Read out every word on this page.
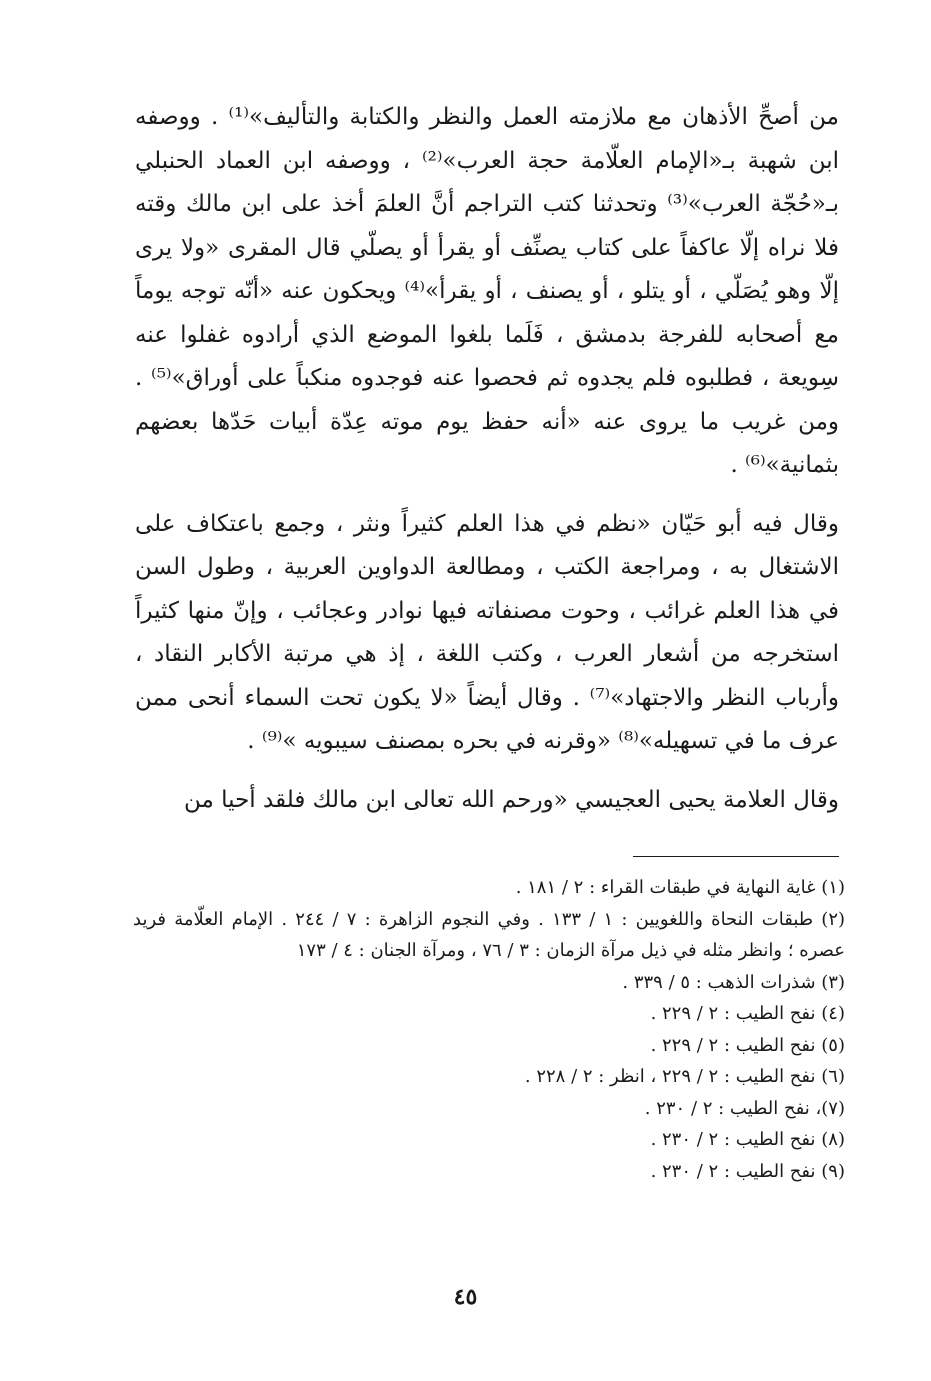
من أصحِّ الأذهان مع ملازمته العمل والنظر والكتابة والتأليف»⁽¹⁾ . ووصفه ابن شهبة بـ«الإمام العلّامة حجة العرب»⁽²⁾ ، ووصفه ابن العماد الحنبلي بـ«حُجّة العرب»⁽³⁾ وتحدثنا كتب التراجم أنَّ العلمَ أخذ على ابن مالك وقته فلا نراه إلّا عاكفاً على كتاب يصنِّف أو يقرأ أو يصلّي قال المقرى «ولا يرى إلّا وهو يُصَلّي ، أو يتلو ، أو يصنف ، أو يقرأ»⁽⁴⁾ ويحكون عنه «أنّه توجه يوماً مع أصحابه للفرجة بدمشق ، فَلَما بلغوا الموضع الذي أرادوه غفلوا عنه سِويعة ، فطلبوه فلم يجدوه ثم فحصوا عنه فوجدوه منكباً على أوراق»⁽⁵⁾ . ومن غريب ما يروى عنه «أنه حفظ يوم موته عِدّة أبيات حَدّها بعضهم بثمانية»⁽⁶⁾ .

وقال فيه أبو حَيّان «نظم في هذا العلم كثيراً ونثر ، وجمع باعتكاف على الاشتغال به ، ومراجعة الكتب ، ومطالعة الدواوين العربية ، وطول السن في هذا العلم غرائب ، وحوت مصنفاته فيها نوادر وعجائب ، وإنّ منها كثيراً استخرجه من أشعار العرب ، وكتب اللغة ، إذ هي مرتبة الأكابر النقاد ، وأرباب النظر والاجتهاد»⁽⁷⁾ . وقال أيضاً «لا يكون تحت السماء أنحى ممن عرف ما في تسهيله»⁽⁸⁾ «وقرنه في بحره بمصنف سيبويه »⁽⁹⁾ .

وقال العلامة يحيى العجيسي «ورحم الله تعالى ابن مالك فلقد أحيا من

(١) غاية النهاية في طبقات القراء : ٢ / ١٨١ .

(٢) طبقات النحاة واللغويين : ١ / ١٣٣ . وفي النجوم الزاهرة : ٧ / ٢٤٤ . الإمام العلّامة فريد عصره ؛ وانظر مثله في ذيل مرآة الزمان : ٣ / ٧٦ ، ومرآة الجنان : ٤ / ١٧٣

(٣) شذرات الذهب : ٥ / ٣٣٩ .

(٤) نفح الطيب : ٢ / ٢٢٩ .

(٥) نفح الطيب : ٢ / ٢٢٩ .

(٦) نفح الطيب : ٢ / ٢٢٩ ، انظر : ٢ / ٢٢٨ .

(٧)، نفح الطيب : ٢ / ٢٣٠ .

(٨) نفح الطيب : ٢ / ٢٣٠ .

(٩) نفح الطيب : ٢ / ٢٣٠ .

٤٥
